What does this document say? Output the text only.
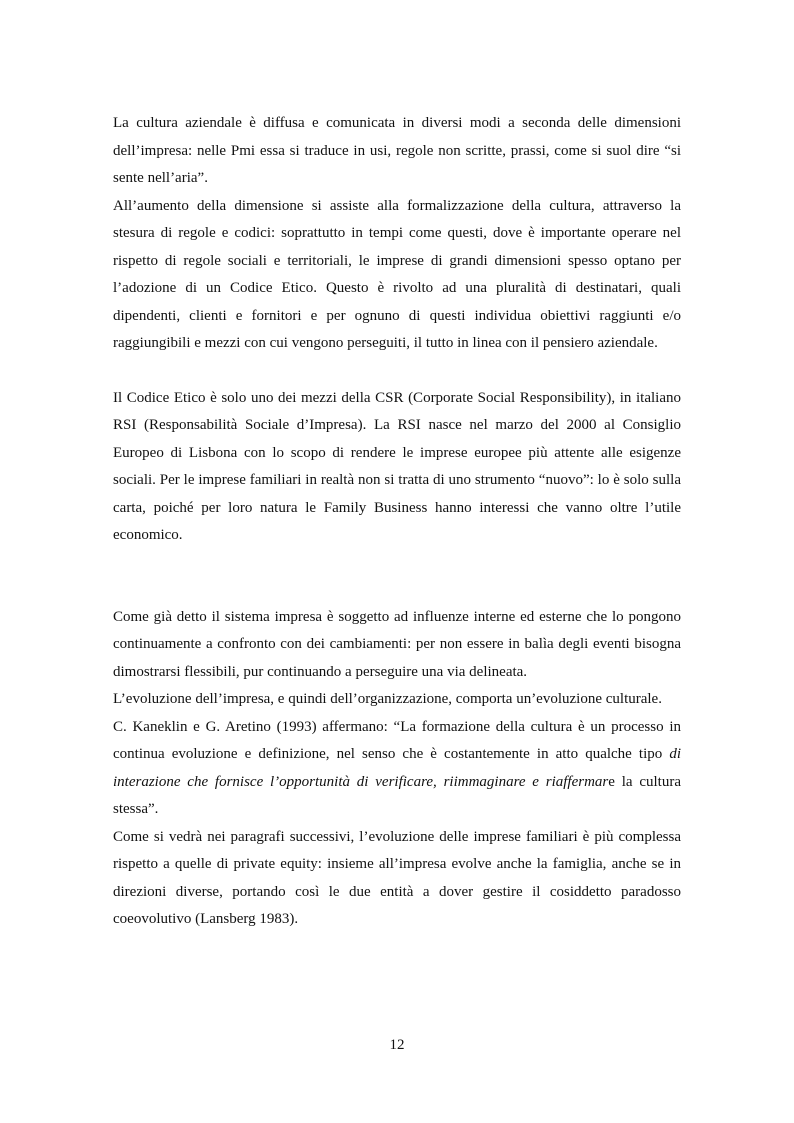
La cultura aziendale è diffusa e comunicata in diversi modi a seconda delle dimensioni dell’impresa: nelle Pmi essa si traduce in usi, regole non scritte, prassi, come si suol dire “si sente nell’aria”.

All’aumento della dimensione si assiste alla formalizzazione della cultura, attraverso la stesura di regole e codici: soprattutto in tempi come questi, dove è importante operare nel rispetto di regole sociali e territoriali, le imprese di grandi dimensioni spesso optano per l’adozione di un Codice Etico. Questo è rivolto ad una pluralità di destinatari, quali dipendenti, clienti e fornitori e per ognuno di questi individua obiettivi raggiunti e/o raggiungibili e mezzi con cui vengono perseguiti, il tutto in linea con il pensiero aziendale.

Il Codice Etico è solo uno dei mezzi della CSR (Corporate Social Responsibility), in italiano RSI (Responsabilità Sociale d’Impresa). La RSI nasce nel marzo del 2000 al Consiglio Europeo di Lisbona con lo scopo di rendere le imprese europee più attente alle esigenze sociali. Per le imprese familiari in realtà non si tratta di uno strumento “nuovo”: lo è solo sulla carta, poiché per loro natura le Family Business hanno interessi che vanno oltre l’utile economico.

Come già detto il sistema impresa è soggetto ad influenze interne ed esterne che lo pongono continuamente a confronto con dei cambiamenti: per non essere in balìa degli eventi bisogna dimostrarsi flessibili, pur continuando a perseguire una via delineata.

L’evoluzione dell’impresa, e quindi dell’organizzazione, comporta un’evoluzione culturale.

C. Kaneklin e G. Aretino (1993) affermano: “La formazione della cultura è un processo in continua evoluzione e definizione, nel senso che è costantemente in atto qualche tipo di interazione che fornisce l’opportunità di verificare, riimmaginare e riaffermare la cultura stessa”.

Come si vedrà nei paragrafi successivi, l’evoluzione delle imprese familiari è più complessa rispetto a quelle di private equity: insieme all’impresa evolve anche la famiglia, anche se in direzioni diverse, portando così le due entità a dover gestire il cosiddetto paradosso coeovolutivo (Lansberg 1983).

12
